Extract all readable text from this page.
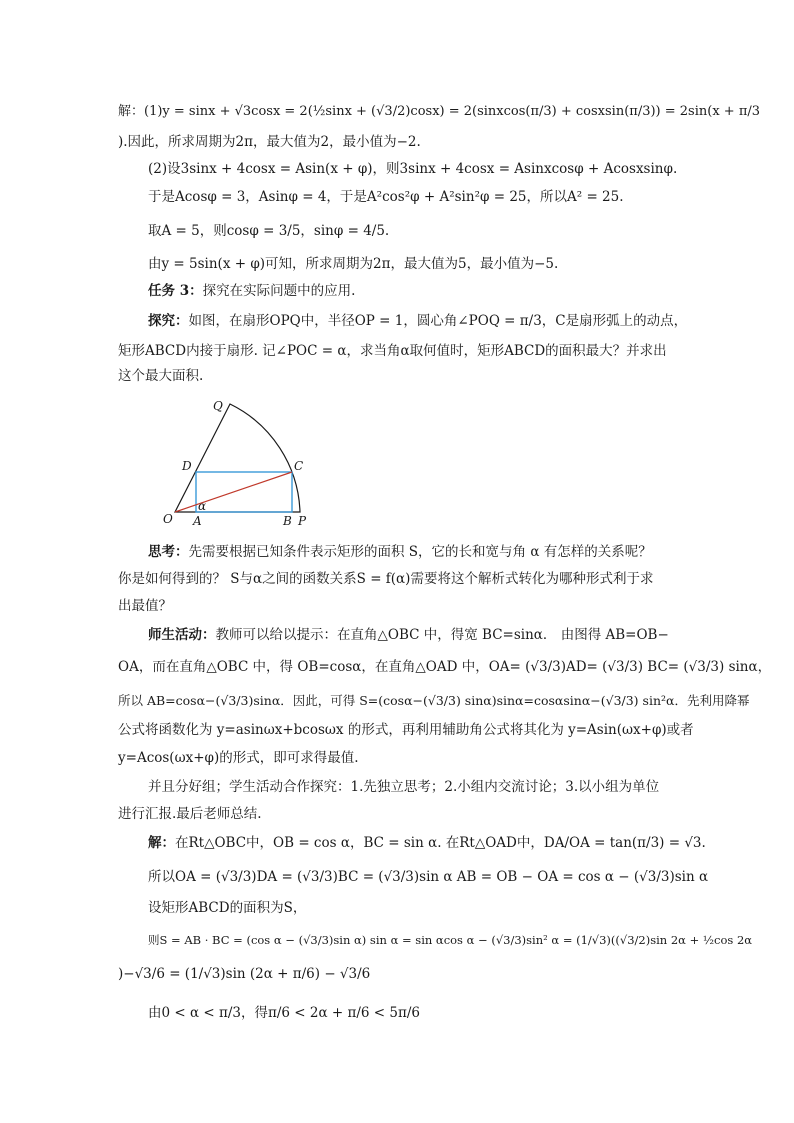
解：(1)y = sinx + √3cosx = 2(½sinx + (√3/2)cosx) = 2(sinxcos(π/3) + cosxsin(π/3)) = 2sin(x + π/3
).因此，所求周期为2π，最大值为2，最小值为−2.
(2)设3sinx + 4cosx = Asin(x + φ)，则3sinx + 4cosx = Asinxcosφ + Acosxsinφ.
于是Acosφ = 3，Asinφ = 4，于是A²cos²φ + A²sin²φ = 25，所以A² = 25.
取A = 5，则cosφ = 3/5，sinφ = 4/5.
由y = 5sin(x + φ)可知，所求周期为2π，最大值为5，最小值为−5.
任务 3：探究在实际问题中的应用.
探究：如图，在扇形OPQ中，半径OP = 1，圆心角∠POQ = π/3，C是扇形弧上的动点，
矩形ABCD内接于扇形. 记∠POC = α，求当角α取何值时，矩形ABCD的面积最大？并求出
这个最大面积.
Q
D	C
α
O A	B P
思考：先需要根据已知条件表示矩形的面积 S，它的长和宽与角 α 有怎样的关系呢？
你是如何得到的？ S与α之间的函数关系S = f(α)需要将这个解析式转化为哪种形式利于求
出最值？
师生活动：教师可以给以提示：在直角△OBC 中，得宽 BC=sinα． 由图得 AB=OB−
OA，而在直角△OBC 中，得 OB=cosα，在直角△OAD 中，OA= (√3/3)AD= (√3/3) BC= (√3/3) sinα，
所以 AB=cosα−(√3/3)sinα．因此，可得 S=(cosα−(√3/3) sinα)sinα=cosαsinα−(√3/3) sin²α．先利用降幂
公式将函数化为 y=asinωx+bcosωx 的形式，再利用辅助角公式将其化为 y=Asin(ωx+φ)或者
y=Acos(ωx+φ)的形式，即可求得最值.
并且分好组；学生活动合作探究：1.先独立思考；2.小组内交流讨论；3.以小组为单位
进行汇报.最后老师总结.
解：在Rt△OBC中，OB = cos α，BC = sin α. 在Rt△OAD中，DA/OA = tan(π/3) = √3.
所以OA = (√3/3)DA = (√3/3)BC = (√3/3)sin α AB = OB − OA = cos α − (√3/3)sin α
设矩形ABCD的面积为S，
则S = AB · BC = (cos α − (√3/3)sin α) sin α = sin αcos α − (√3/3)sin² α = (1/√3)((√3/2)sin 2α + ½cos 2α
)−√3/6 = (1/√3)sin (2α + π/6) − √3/6
由0 < α < π/3，得π/6 < 2α + π/6 < 5π/6
